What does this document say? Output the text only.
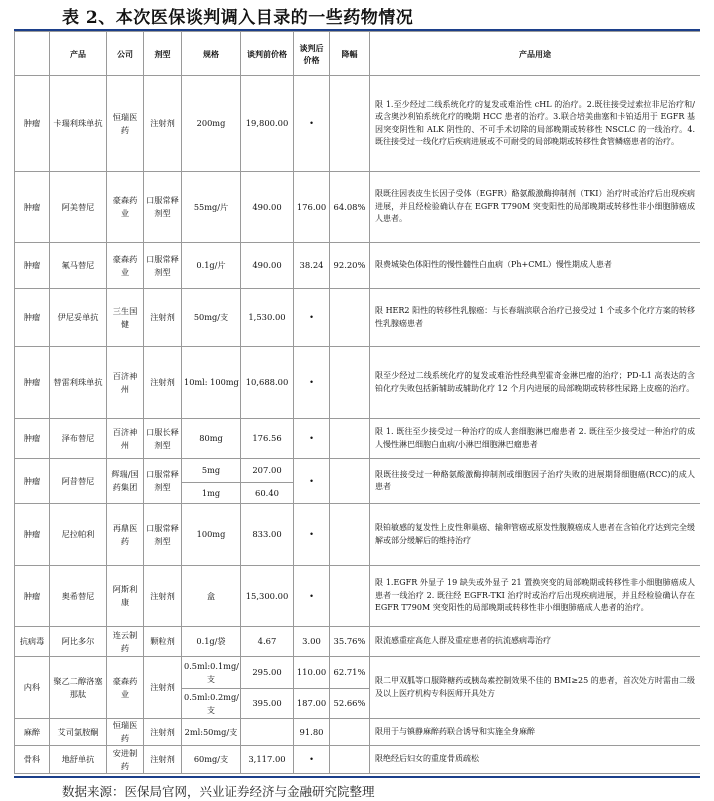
表 2、本次医保谈判调入目录的一些药物情况
	产品	公司	剂型	规格	谈判前价格	谈判后价格	降幅	产品用途
肿瘤	卡瑞利珠单抗	恒瑞医药	注射剂	200mg	19,800.00	•		限 1.至少经过二线系统化疗的复发或难治性 cHL 的治疗。2.既往接受过索拉非尼治疗和/或含奥沙利铂系统化疗的晚期 HCC 患者的治疗。3.联合培美曲塞和卡铂适用于 EGFR 基因突变阴性和 ALK 阴性的、不可手术切除的局部晚期或转移性 NSCLC 的一线治疗。4.既往接受过一线化疗后疾病进展或不可耐受的局部晚期或转移性食管鳞癌患者的治疗。
肿瘤	阿美替尼	豪森药业	口服常释剂型	55mg/片	490.00	176.00	64.08%	限既往因表皮生长因子受体（EGFR）酪氨酸激酶抑制剂（TKI）治疗时或治疗后出现疾病进展，并且经检验确认存在 EGFR T790M 突变阳性的局部晚期或转移性非小细胞肺癌成人患者。
肿瘤	氟马替尼	豪森药业	口服常释剂型	0.1g/片	490.00	38.24	92.20%	限费城染色体阳性的慢性髓性白血病（Ph+CML）慢性期成人患者
肿瘤	伊尼妥单抗	三生国健	注射剂	50mg/支	1,530.00	•		限 HER2 阳性的转移性乳腺癌：与长春瑞滨联合治疗已接受过 1 个或多个化疗方案的转移性乳腺癌患者
肿瘤	替雷利珠单抗	百济神州	注射剂	10ml: 100mg	10,688.00	•		限至少经过二线系统化疗的复发或难治性经典型霍奇金淋巴瘤的治疗；PD-L1 高表达的含铂化疗失败包括新辅助或辅助化疗 12 个月内进展的局部晚期或转移性尿路上皮癌的治疗。
肿瘤	泽布替尼	百济神州	口服长释剂型	80mg	176.56	•		限 1. 既往至少接受过一种治疗的成人套细胞淋巴瘤患者 2. 既往至少接受过一种治疗的成人慢性淋巴细胞白血病/小淋巴细胞淋巴瘤患者
肿瘤	阿昔替尼	辉瑞/国药集团	口服常释剂型	5mg	207.00	•		限既往接受过一种酪氨酸激酶抑制剂或细胞因子治疗失败的进展期肾细胞癌(RCC)的成人患者
				1mg	60.40			
肿瘤	尼拉帕利	再鼎医药	口服常释剂型	100mg	833.00	•		限铂敏感的复发性上皮性卵巢癌、输卵管癌或原发性腹膜癌成人患者在含铂化疗达到完全缓解或部分缓解后的维持治疗
肿瘤	奥希替尼	阿斯利康	注射剂	盒	15,300.00	•		限 1.EGFR 外显子 19 缺失或外显子 21 置换突变的局部晚期或转移性非小细胞肺癌成人患者一线治疗 2. 既往经 EGFR-TKI 治疗时或治疗后出现疾病进展，并且经检验确认存在 EGFR T790M 突变阳性的局部晚期或转移性非小细胞肺癌成人患者的治疗。
抗病毒	阿比多尔	连云制药	颗粒剂	0.1g/袋	4.67	3.00	35.76%	限流感重症高危人群及重症患者的抗流感病毒治疗
内科	聚乙二醇洛塞那肽	豪森药业	注射剂	0.5ml:0.1mg/支	295.00	110.00	62.71%	限二甲双胍等口服降糖药或胰岛素控制效果不佳的 BMI≥25 的患者，首次处方时需由二级及以上医疗机构专科医师开具处方
				0.5ml:0.2mg/支	395.00	187.00	52.66%	
麻醉	艾司氯胺酮	恒瑞医药	注射剂	2ml:50mg/支		91.80		限用于与镇静麻醉药联合诱导和实施全身麻醉
骨科	地舒单抗	安进制药	注射剂	60mg/支	3,117.00	•		限绝经后妇女的重度骨质疏松
数据来源：医保局官网，兴业证券经济与金融研究院整理
